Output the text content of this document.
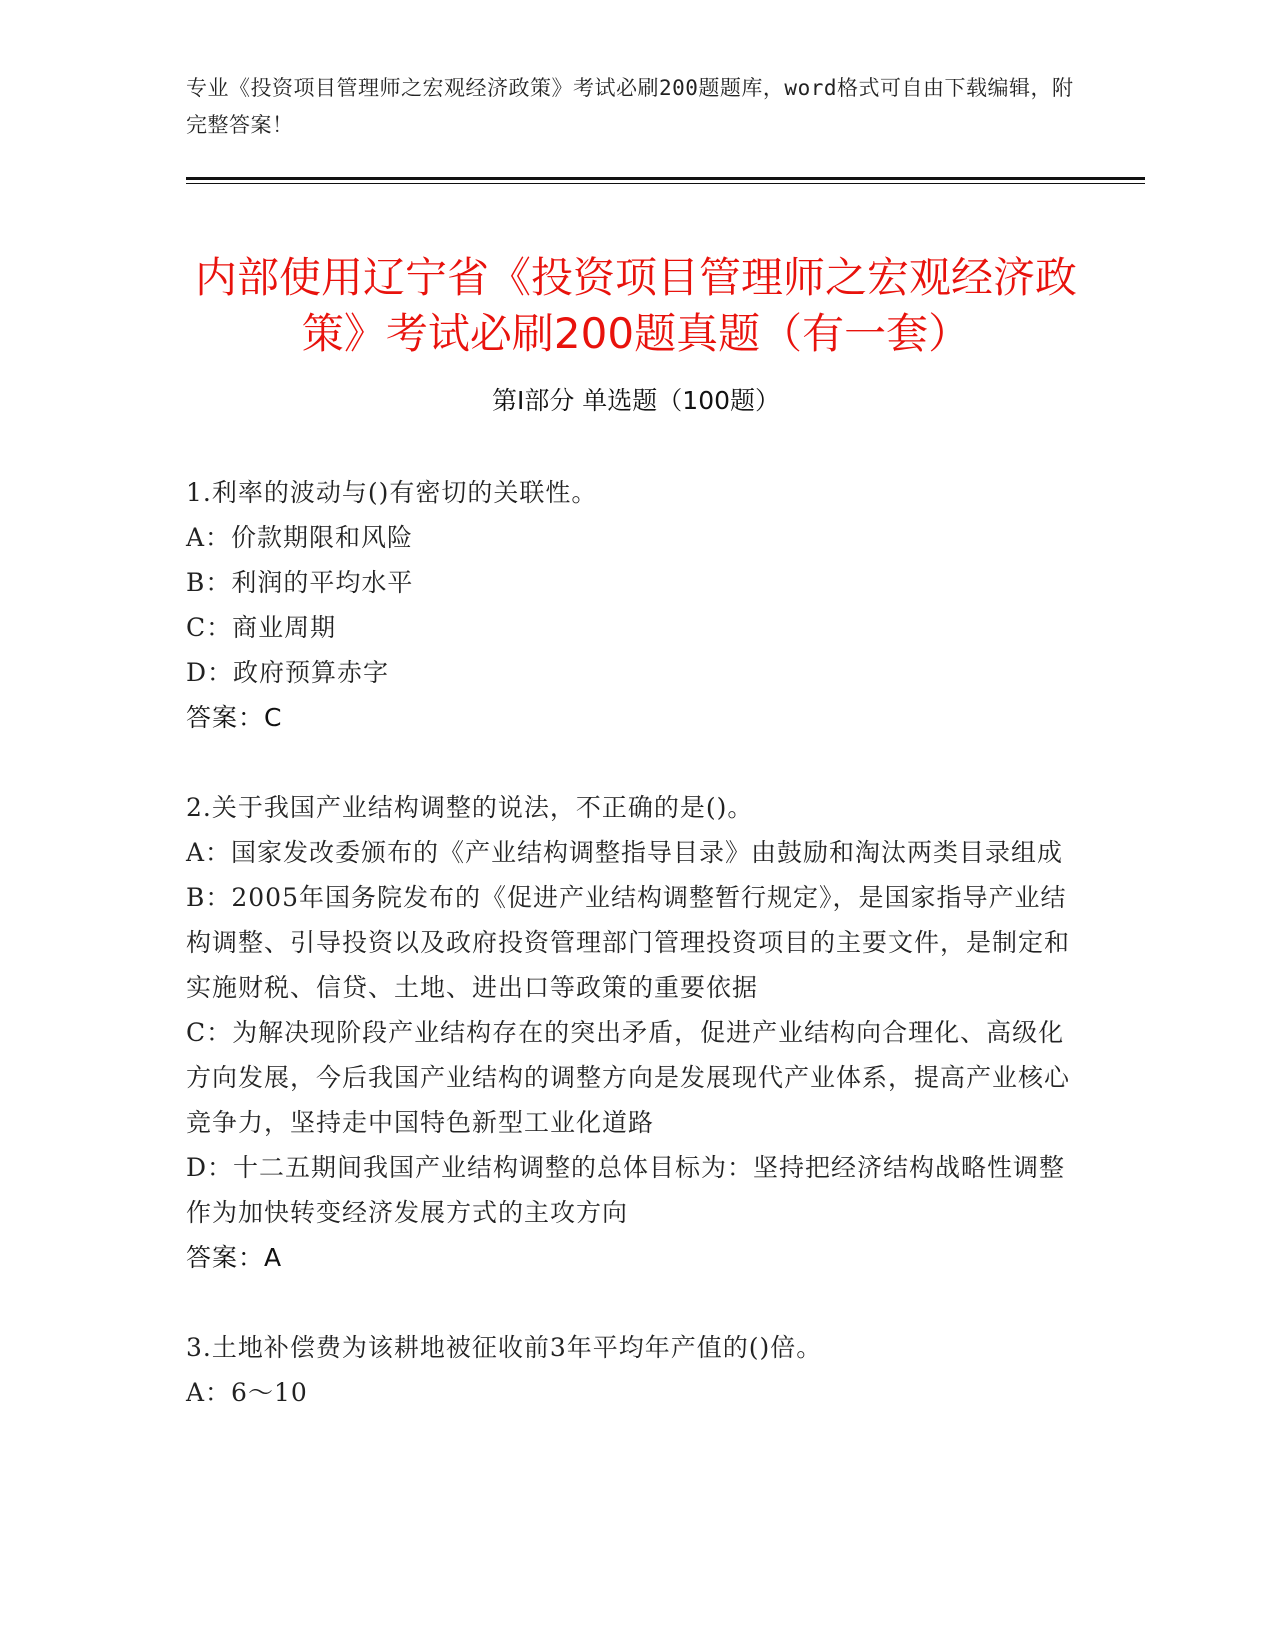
专业《投资项目管理师之宏观经济政策》考试必刷200题题库，word格式可自由下载编辑，附完整答案！
内部使用辽宁省《投资项目管理师之宏观经济政策》考试必刷200题真题（有一套）
第I部分 单选题（100题）
1.利率的波动与()有密切的关联性。
A：价款期限和风险
B：利润的平均水平
C：商业周期
D：政府预算赤字
答案：C
2.关于我国产业结构调整的说法，不正确的是()。
A：国家发改委颁布的《产业结构调整指导目录》由鼓励和淘汰两类目录组成
B：2005年国务院发布的《促进产业结构调整暂行规定》，是国家指导产业结构调整、引导投资以及政府投资管理部门管理投资项目的主要文件，是制定和实施财税、信贷、土地、进出口等政策的重要依据
C：为解决现阶段产业结构存在的突出矛盾，促进产业结构向合理化、高级化方向发展，今后我国产业结构的调整方向是发展现代产业体系，提高产业核心竞争力，坚持走中国特色新型工业化道路
D：十二五期间我国产业结构调整的总体目标为：坚持把经济结构战略性调整作为加快转变经济发展方式的主攻方向
答案：A
3.土地补偿费为该耕地被征收前3年平均年产值的()倍。
A：6～10
